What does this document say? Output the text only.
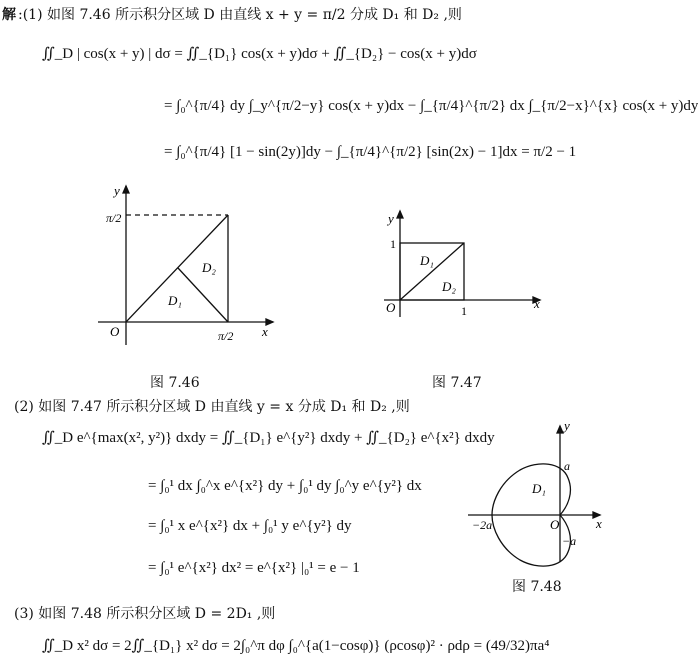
解 :(1) 如图 7.46 所示积分区域 D 由直线 x + y = π/2 分成 D₁ 和 D₂ ,则
∬_D | cos(x + y) | dσ = ∬_{D₁} cos(x + y)dσ + ∬_{D₂} − cos(x + y)dσ
= ∫₀^{π/4} dy ∫_y^{π/2−y} cos(x + y)dx − ∫_{π/4}^{π/2} dx ∫_{π/2−x}^{x} cos(x + y)dy
= ∫₀^{π/4} [1 − sin(2y)]dy − ∫_{π/4}^{π/2} [sin(2x) − 1]dx = π/2 − 1
y
x
O
π/2
π/2
D₁
D₂
图 7.46
y
x
O
1
1
D₁
D₂
图 7.47
(2) 如图 7.47 所示积分区域 D 由直线 y = x 分成 D₁ 和 D₂ ,则
∬_D e^{max(x², y²)} dxdy = ∬_{D₁} e^{y²} dxdy + ∬_{D₂} e^{x²} dxdy
= ∫₀¹ dx ∫₀^x e^{x²} dy + ∫₀¹ dy ∫₀^y e^{y²} dx
= ∫₀¹ x e^{x²} dx + ∫₀¹ y e^{y²} dy
= ∫₀¹ e^{x²} dx² = e^{x²} |₀¹ = e − 1
y
x
O
a
−a
−2a
D₁
图 7.48
(3) 如图 7.48 所示积分区域 D = 2D₁ ,则
∬_D x² dσ = 2∬_{D₁} x² dσ = 2∫₀^π dφ ∫₀^{a(1−cosφ)} (ρcosφ)² · ρdρ = (49/32)πa⁴
